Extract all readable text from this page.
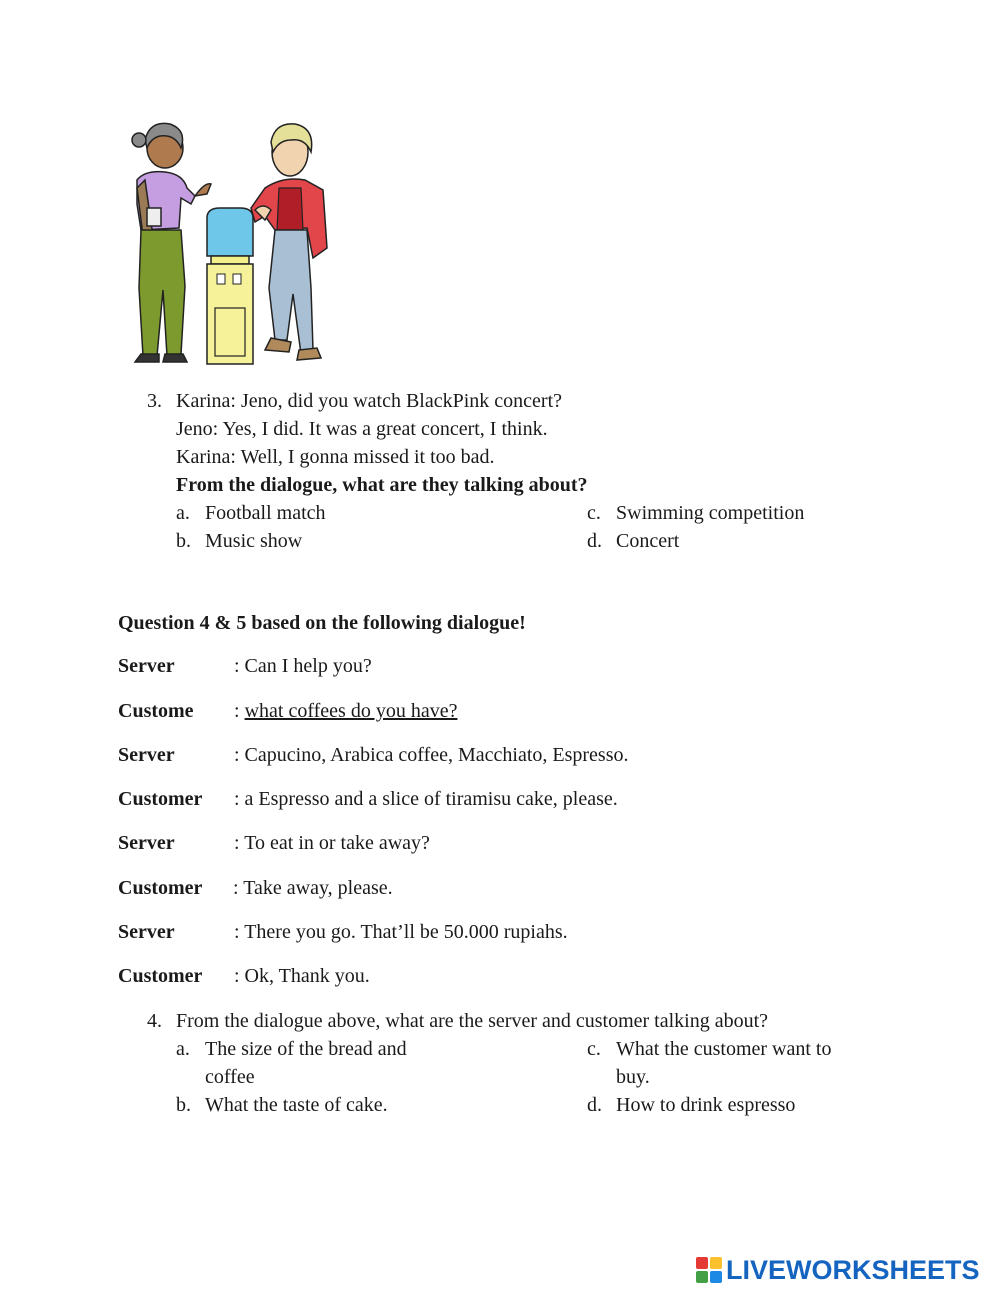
3. Karina: Jeno, did you watch BlackPink concert?
Jeno: Yes, I did. It was a great concert, I think.
Karina: Well, I gonna missed it too bad.
From the dialogue, what are they talking about?
a. Football match
b. Music show
c. Swimming competition
d. Concert
Question 4 & 5 based on the following dialogue!
Server	: Can I help you?
Custome : what coffees do you have?
Server	: Capucino, Arabica coffee, Macchiato, Espresso.
Customer : a Espresso and a slice of tiramisu cake, please.
Server	: To eat in or take away?
Customer : Take away, please.
Server	: There you go. That’ll be 50.000 rupiahs.
Customer : Ok, Thank you.
4. From the dialogue above, what are the server and customer talking about?
a. The size of the bread and
coffee
b. What the taste of cake.
c. What the customer want to
buy.
d. How to drink espresso
LIVEWORKSHEETS
